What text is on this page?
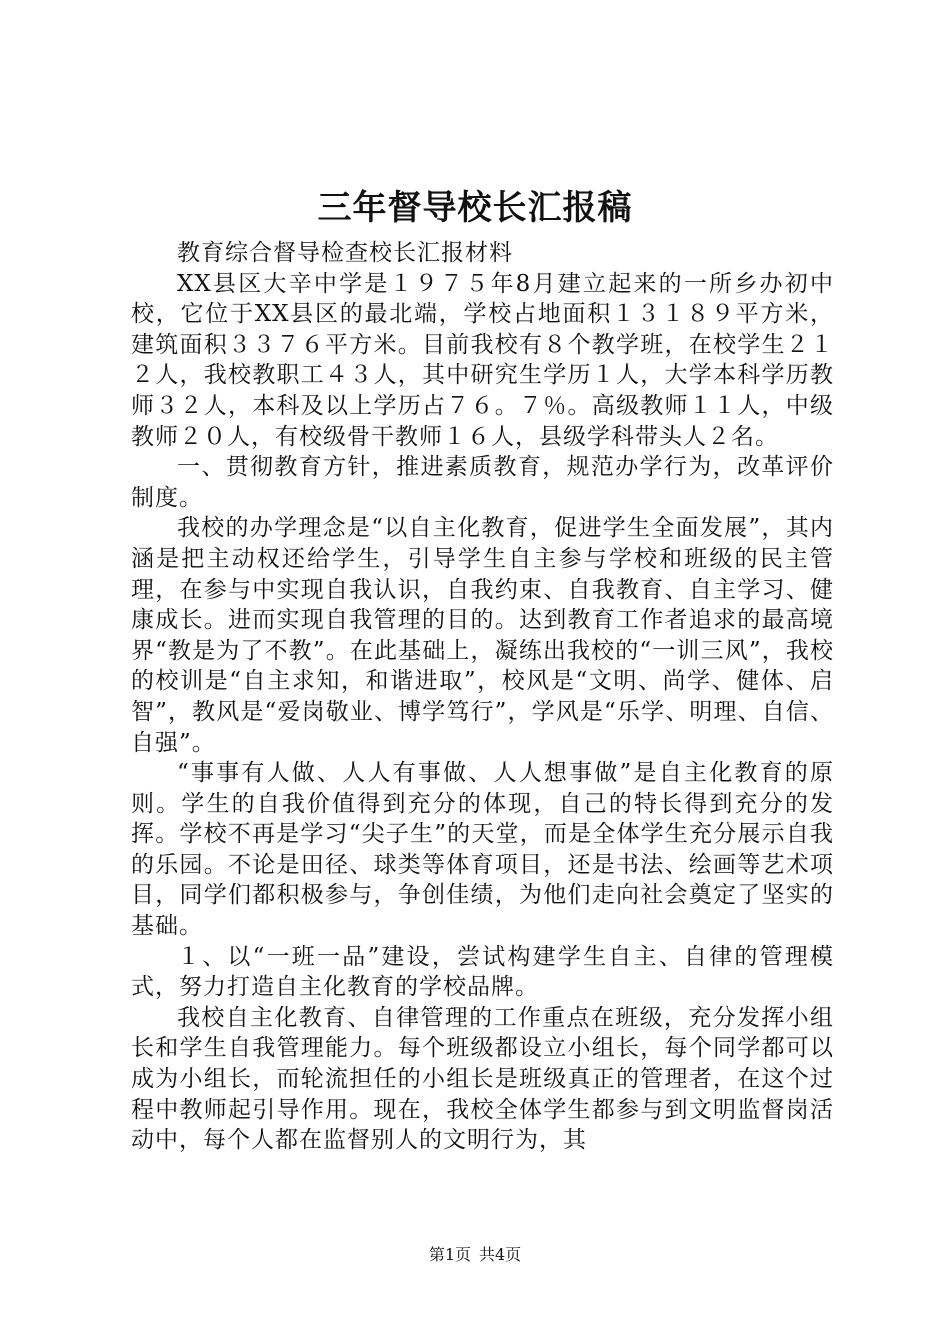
三年督导校长汇报稿

教育综合督导检查校长汇报材料

XX县区大辛中学是１９７５年8月建立起来的一所乡办初中校，它位于XX县区的最北端，学校占地面积１３１８９平方米，建筑面积３３７６平方米。目前我校有８个教学班，在校学生２１２人，我校教职工４３人，其中研究生学历１人，大学本科学历教师３２人，本科及以上学历占７６。７％。高级教师１１人，中级教师２０人，有校级骨干教师１６人，县级学科带头人２名。

一、贯彻教育方针，推进素质教育，规范办学行为，改革评价制度。

我校的办学理念是“以自主化教育，促进学生全面发展”，其内涵是把主动权还给学生，引导学生自主参与学校和班级的民主管理，在参与中实现自我认识，自我约束、自我教育、自主学习、健康成长。进而实现自我管理的目的。达到教育工作者追求的最高境界“教是为了不教”。在此基础上，凝练出我校的“一训三风”，我校的校训是“自主求知，和谐进取”，校风是“文明、尚学、健体、启智”，教风是“爱岗敬业、博学笃行”，学风是“乐学、明理、自信、自强”。

“事事有人做、人人有事做、人人想事做”是自主化教育的原则。学生的自我价值得到充分的体现，自己的特长得到充分的发挥。学校不再是学习“尖子生”的天堂，而是全体学生充分展示自我的乐园。不论是田径、球类等体育项目，还是书法、绘画等艺术项目，同学们都积极参与，争创佳绩，为他们走向社会奠定了坚实的基础。

１、以“一班一品”建设，尝试构建学生自主、自律的管理模式，努力打造自主化教育的学校品牌。

我校自主化教育、自律管理的工作重点在班级，充分发挥小组长和学生自我管理能力。每个班级都设立小组长，每个同学都可以成为小组长，而轮流担任的小组长是班级真正的管理者，在这个过程中教师起引导作用。现在，我校全体学生都参与到文明监督岗活动中，每个人都在监督别人的文明行为，其

第1页 共4页
